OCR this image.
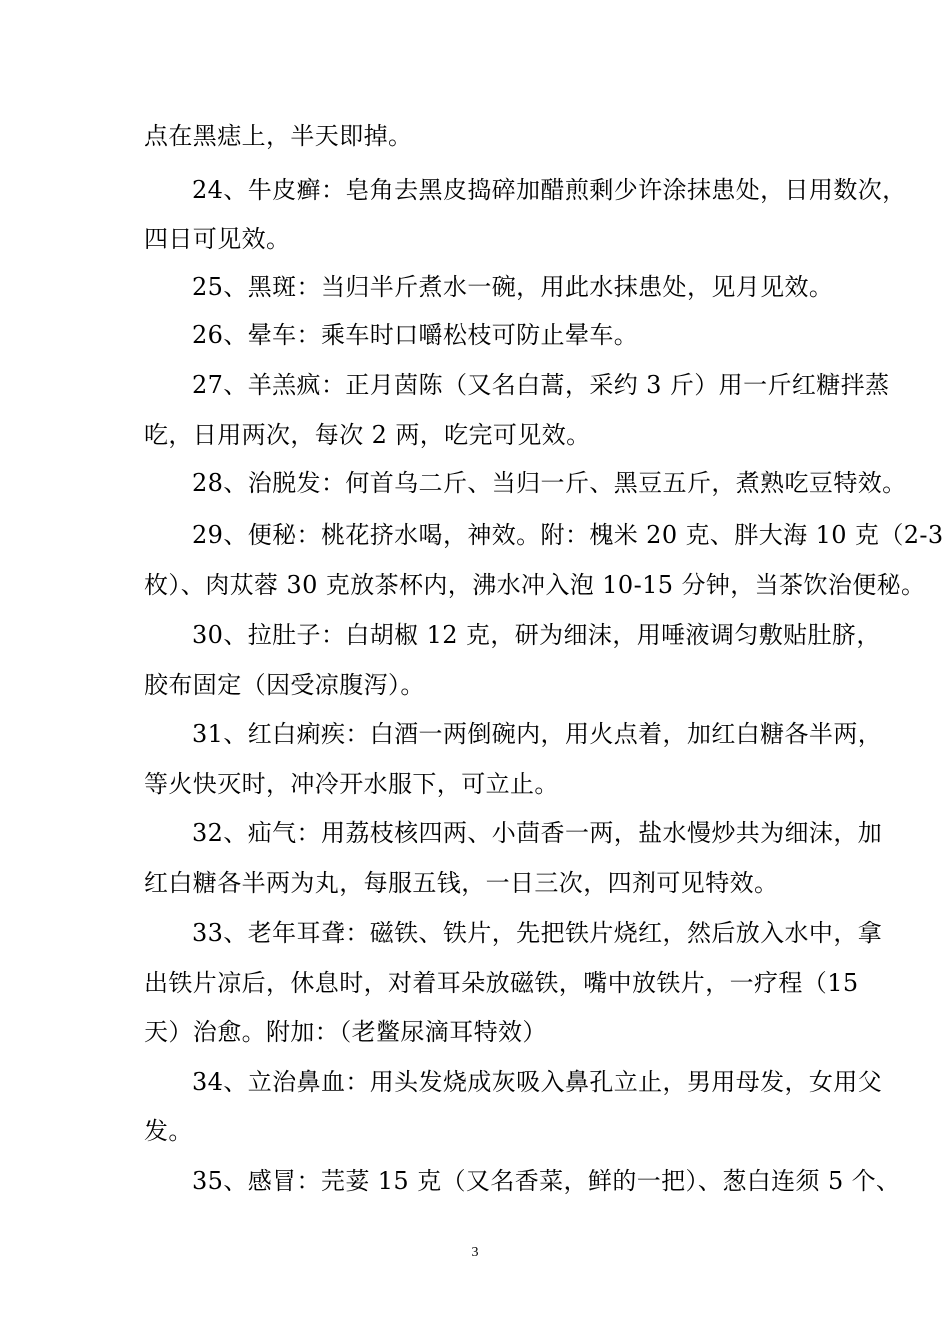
点在黑痣上，半天即掉。
24、牛皮癣：皂角去黑皮捣碎加醋煎剩少许涂抹患处，日用数次，
四日可见效。
25、黑斑：当归半斤煮水一碗，用此水抹患处，见月见效。
26、晕车：乘车时口嚼松枝可防止晕车。
27、羊羔疯：正月茵陈（又名白蒿，采约 3 斤）用一斤红糖拌蒸
吃，日用两次，每次 2 两，吃完可见效。
28、治脱发：何首乌二斤、当归一斤、黑豆五斤，煮熟吃豆特效。
29、便秘：桃花挤水喝，神效。附：槐米 20 克、胖大海 10 克（2-3
枚）、肉苁蓉 30 克放茶杯内，沸水冲入泡 10-15 分钟，当茶饮治便秘。
30、拉肚子：白胡椒 12 克，研为细沫，用唾液调匀敷贴肚脐，
胶布固定（因受凉腹泻）。
31、红白痢疾：白酒一两倒碗内，用火点着，加红白糖各半两，
等火快灭时，冲冷开水服下，可立止。
32、疝气：用荔枝核四两、小茴香一两，盐水慢炒共为细沫，加
红白糖各半两为丸，每服五钱，一日三次，四剂可见特效。
33、老年耳聋：磁铁、铁片，先把铁片烧红，然后放入水中，拿
出铁片凉后，休息时，对着耳朵放磁铁，嘴中放铁片，一疗程（15
天）治愈。附加：（老鳖尿滴耳特效）
34、立治鼻血：用头发烧成灰吸入鼻孔立止，男用母发，女用父
发。
35、感冒：芫荽 15 克（又名香菜，鲜的一把）、葱白连须 5 个、
3
